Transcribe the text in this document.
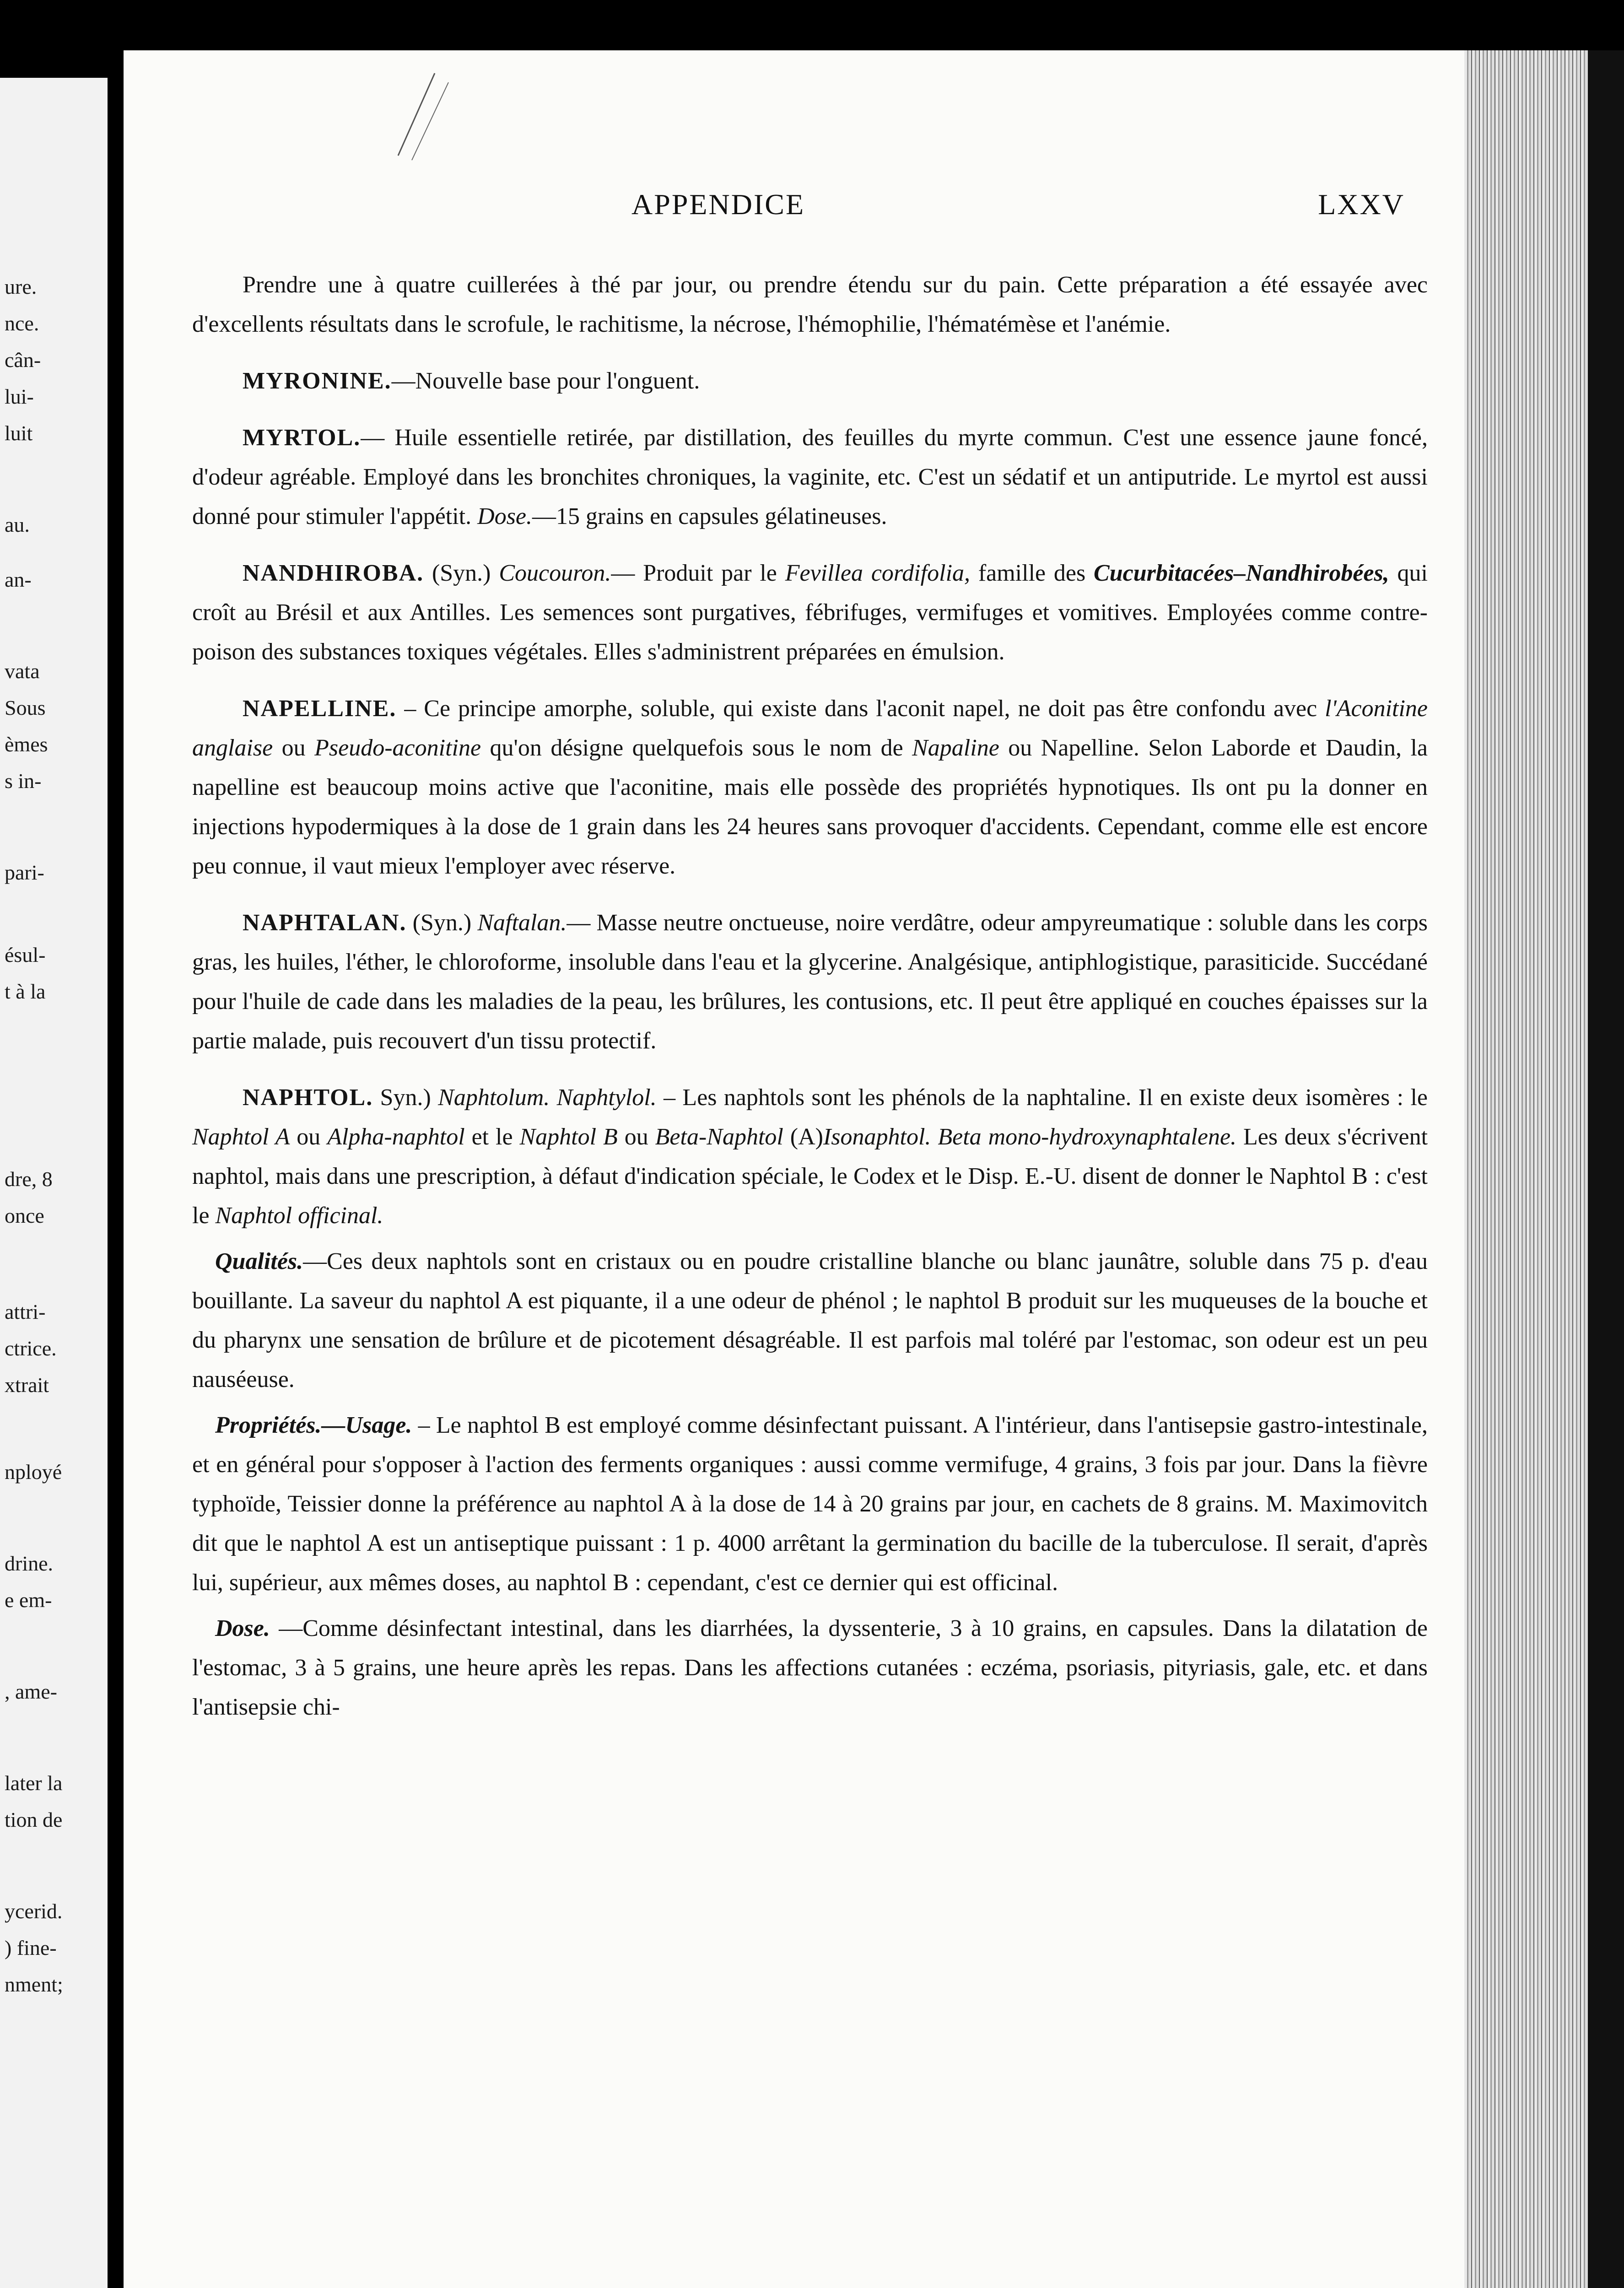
ure.
nce.
cân-
lui-
luit
au.
an-
vata
Sous
èmes
s in-
pari-
ésul-
t à la
dre, 8
once
attri-
ctrice.
xtrait
nployé
drine.
e em-
, ame-
later la
tion de
ycerid.
) fine-
nment;
APPENDICE	LXXV

Prendre une à quatre cuillerées à thé par jour, ou prendre étendu sur du pain. Cette préparation a été essayée avec d'excellents résultats dans le scrofule, le rachitisme, la nécrose, l'hémophilie, l'hématémèse et l'anémie.

MYRONINE.—Nouvelle base pour l'onguent.

MYRTOL.— Huile essentielle retirée, par distillation, des feuilles du myrte commun. C'est une essence jaune foncé, d'odeur agréable. Employé dans les bronchites chroniques, la vaginite, etc. C'est un sédatif et un antiputride. Le myrtol est aussi donné pour stimuler l'appétit. Dose.—15 grains en capsules gélatineuses.

NANDHIROBA. (Syn.) Coucouron.— Produit par le Fevillea cordifolia, famille des Cucurbitacées–Nandhirobées, qui croît au Brésil et aux Antilles. Les semences sont purgatives, fébrifuges, vermifuges et vomitives. Employées comme contre-poison des substances toxiques végétales. Elles s'administrent préparées en émulsion.

NAPELLINE. – Ce principe amorphe, soluble, qui existe dans l'aconit napel, ne doit pas être confondu avec l'Aconitine anglaise ou Pseudo-aconitine qu'on désigne quelquefois sous le nom de Napaline ou Napelline. Selon Laborde et Daudin, la napelline est beaucoup moins active que l'aconitine, mais elle possède des propriétés hypnotiques. Ils ont pu la donner en injections hypodermiques à la dose de 1 grain dans les 24 heures sans provoquer d'accidents. Cependant, comme elle est encore peu connue, il vaut mieux l'employer avec réserve.

NAPHTALAN. (Syn.) Naftalan.— Masse neutre onctueuse, noire verdâtre, odeur ampyreumatique : soluble dans les corps gras, les huiles, l'éther, le chloroforme, insoluble dans l'eau et la glycerine. Analgésique, antiphlogistique, parasiticide. Succédané pour l'huile de cade dans les maladies de la peau, les brûlures, les contusions, etc. Il peut être appliqué en couches épaisses sur la partie malade, puis recouvert d'un tissu protectif.

NAPHTOL. Syn.) Naphtolum. Naphtylol. – Les naphtols sont les phénols de la naphtaline. Il en existe deux isomères : le Naphtol A ou Alpha-naphtol et le Naphtol B ou Beta-Naphtol (A)Isonaphtol. Beta mono-hydroxynaphtalene. Les deux s'écrivent naphtol, mais dans une prescription, à défaut d'indication spéciale, le Codex et le Disp. E.-U. disent de donner le Naphtol B : c'est le Naphtol officinal.

Qualités.—Ces deux naphtols sont en cristaux ou en poudre cristalline blanche ou blanc jaunâtre, soluble dans 75 p. d'eau bouillante. La saveur du naphtol A est piquante, il a une odeur de phénol ; le naphtol B produit sur les muqueuses de la bouche et du pharynx une sensation de brûlure et de picotement désagréable. Il est parfois mal toléré par l'estomac, son odeur est un peu nauséeuse.

Propriétés.—Usage. – Le naphtol B est employé comme désinfectant puissant. A l'intérieur, dans l'antisepsie gastro-intestinale, et en général pour s'opposer à l'action des ferments organiques : aussi comme vermifuge, 4 grains, 3 fois par jour. Dans la fièvre typhoïde, Teissier donne la préférence au naphtol A à la dose de 14 à 20 grains par jour, en cachets de 8 grains. M. Maximovitch dit que le naphtol A est un antiseptique puissant : 1 p. 4000 arrêtant la germination du bacille de la tuberculose. Il serait, d'après lui, supérieur, aux mêmes doses, au naphtol B : cependant, c'est ce dernier qui est officinal.

Dose. —Comme désinfectant intestinal, dans les diarrhées, la dyssenterie, 3 à 10 grains, en capsules. Dans la dilatation de l'estomac, 3 à 5 grains, une heure après les repas. Dans les affections cutanées : eczéma, psoriasis, pityriasis, gale, etc. et dans l'antisepsie chi-
